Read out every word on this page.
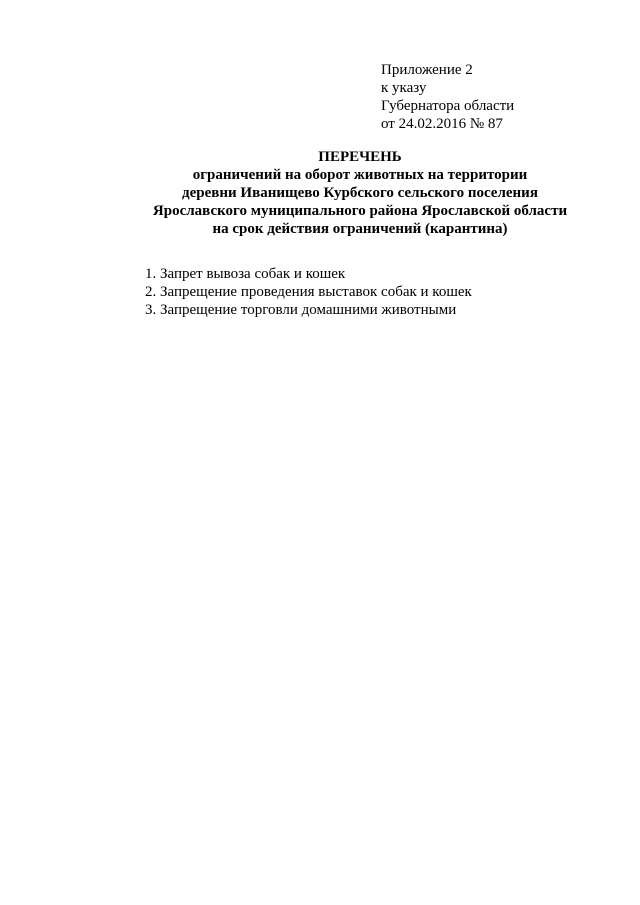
Приложение 2
к указу
Губернатора области
от 24.02.2016 № 87
ПЕРЕЧЕНЬ
ограничений на оборот животных на территории
деревни Иванищево Курбского сельского поселения
Ярославского муниципального района Ярославской области
на срок действия ограничений (карантина)
1. Запрет вывоза собак и кошек
2. Запрещение проведения выставок собак и кошек
3. Запрещение торговли домашними животными
